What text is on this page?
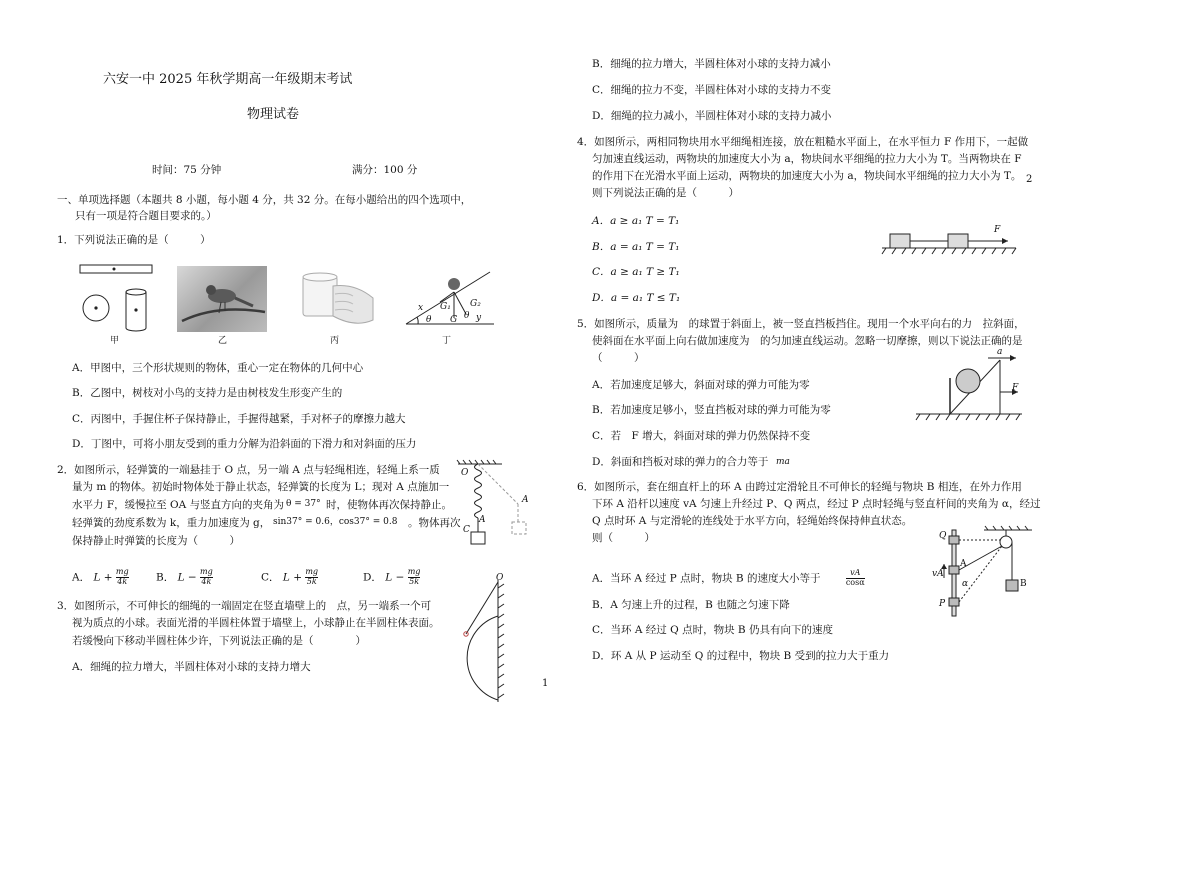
六安一中 2025 年秋学期高一年级期末考试
物理试卷
时间：75 分钟	满分：100 分
一、单项选择题（本题共 8 小题，每小题 4 分，共 32 分。在每小题给出的四个选项中，
只有一项是符合题目要求的。）
1．下列说法正确的是（　　　）
甲	乙	丙
x G₁ G₂
G
θ	y
θ
丁
A．甲图中，三个形状规则的物体，重心一定在物体的几何中心
B．乙图中，树枝对小鸟的支持力是由树枝发生形变产生的
C．丙图中，手握住杯子保持静止，手握得越紧，手对杯子的摩擦力越大
D．丁图中，可将小朋友受到的重力分解为沿斜面的下滑力和对斜面的压力
2．如图所示，轻弹簧的一端悬挂于 O 点，另一端 A 点与轻绳相连，轻绳上系一质
量为 m 的物体。初始时物体处于静止状态，轻弹簧的长度为 L；现对 A 点施加一
水平力 F，缓慢拉至 OA 与竖直方向的夹角为 θ = 37° 时，使物体再次保持静止。
轻弹簧的劲度系数为 k，重力加速度为 g， sin37° = 0.6，cos37° = 0.8 。物体再次
保持静止时弹簧的长度为（　　　）
O
A
C
A
A． $L + \frac{mg}{4k}$	B． $L - \frac{mg}{4k}$	C． $L + \frac{mg}{5k}$	D． $L - \frac{mg}{5k}$
3．如图所示，不可伸长的细绳的一端固定在竖直墙壁上的　点，另一端系一个可
视为质点的小球。表面光滑的半圆柱体置于墙壁上，小球静止在半圆柱体表面。
若缓慢向下移动半圆柱体少许，下列说法正确的是（　　　　）
A．细绳的拉力增大，半圆柱体对小球的支持力增大
O
1
B．细绳的拉力增大，半圆柱体对小球的支持力减小
C．细绳的拉力不变，半圆柱体对小球的支持力不变
D．细绳的拉力减小，半圆柱体对小球的支持力减小
4．如图所示，两相同物块用水平细绳相连接，放在粗糙水平面上，在水平恒力 F 作用下，一起做
匀加速直线运动，两物块的加速度大小为 a，物块间水平细绳的拉力大小为 T。当两物块在 F
的作用下在光滑水平面上运动，两物块的加速度大小为 a，物块间水平细绳的拉力大小为 T。
则下列说法正确的是（　　　）
2
A．a ≥ a₁ T = T₁
B．a = a₁ T = T₁
C．a ≥ a₁ T ≥ T₁
D．a = a₁ T ≤ T₁
F
5．如图所示，质量为　的球置于斜面上，被一竖直挡板挡住。现用一个水平向右的力　拉斜面，
使斜面在水平面上向右做加速度为　的匀加速直线运动。忽略一切摩擦，则以下说法正确的是
（　　　）
A．若加速度足够大，斜面对球的弹力可能为零
B．若加速度足够小，竖直挡板对球的弹力可能为零
C．若　F 增大，斜面对球的弹力仍然保持不变
D．斜面和挡板对球的弹力的合力等于 ma
a
F
6．如图所示，套在细直杆上的环 A 由跨过定滑轮且不可伸长的轻绳与物块 B 相连，在外力作用
下环 A 沿杆以速度 vA 匀速上升经过 P、Q 两点，经过 P 点时轻绳与竖直杆间的夹角为 α，经过
Q 点时环 A 与定滑轮的连线处于水平方向，轻绳始终保持伸直状态。
则（　　　）
A．当环 A 经过 P 点时，物块 B 的速度大小等于	$\frac{vA}{\cos\alpha}$
B．A 匀速上升的过程，B 也随之匀速下降
C．当环 A 经过 Q 点时，物块 B 仍具有向下的速度
D．环 A 从 P 运动至 Q 的过程中，物块 B 受到的拉力大于重力
Q
vA
A
α
P
B
